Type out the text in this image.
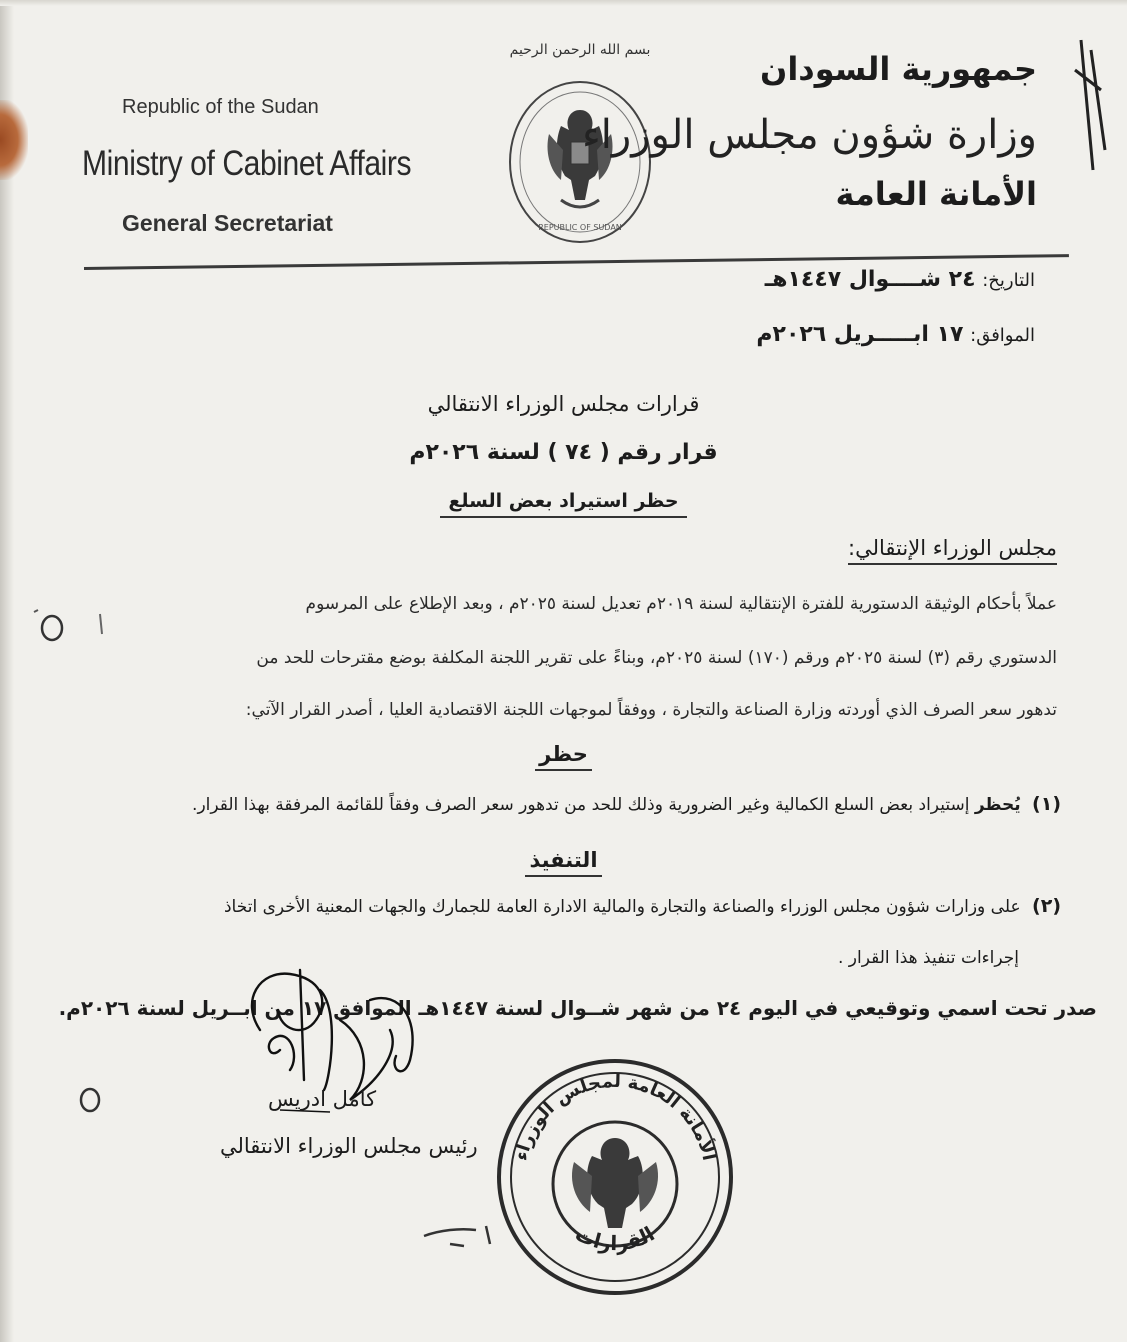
Republic of the Sudan
Ministry of Cabinet Affairs
General Secretariat
بسم الله الرحمن الرحيم
REPUBLIC OF SUDAN
جمهورية السودان
وزارة شؤون مجلس الوزراء
الأمانة العامة
التاريخ: ٢٤ شــــوال ١٤٤٧هـ
الموافق: ١٧ ابـــــريل ٢٠٢٦م
قرارات مجلس الوزراء الانتقالي
قرار رقم ( ٧٤ ) لسنة ٢٠٢٦م
حظر استيراد بعض السلع
مجلس الوزراء الإنتقالي:
عملاً بأحكام الوثيقة الدستورية للفترة الإنتقالية لسنة ٢٠١٩م تعديل لسنة ٢٠٢٥م ، وبعد الإطلاع على المرسوم
الدستوري رقم (٣) لسنة ٢٠٢٥م ورقم (١٧٠) لسنة ٢٠٢٥م، وبناءً على تقرير اللجنة المكلفة بوضع مقترحات للحد من
تدهور سعر الصرف الذي أوردته وزارة الصناعة والتجارة ، ووفقاً لموجهات اللجنة الاقتصادية العليا ، أصدر القرار الآتي:
حظر
(١) يُحظر إستيراد بعض السلع الكمالية وغير الضرورية وذلك للحد من تدهور سعر الصرف وفقاً للقائمة المرفقة بهذا القرار.
التنفيذ
(٢) على وزارات شؤون مجلس الوزراء والصناعة والتجارة والمالية الادارة العامة للجمارك والجهات المعنية الأخرى اتخاذ
إجراءات تنفيذ هذا القرار .
صدر تحت اسمي وتوقيعي في اليوم ٢٤ من شهر شــوال لسنة ١٤٤٧هـ الموافق ١٧ من ابــريل لسنة ٢٠٢٦م.
كامل ادريس
رئيس مجلس الوزراء الانتقالي الأمانة العامة لمجلس الوزراء
القرارات
